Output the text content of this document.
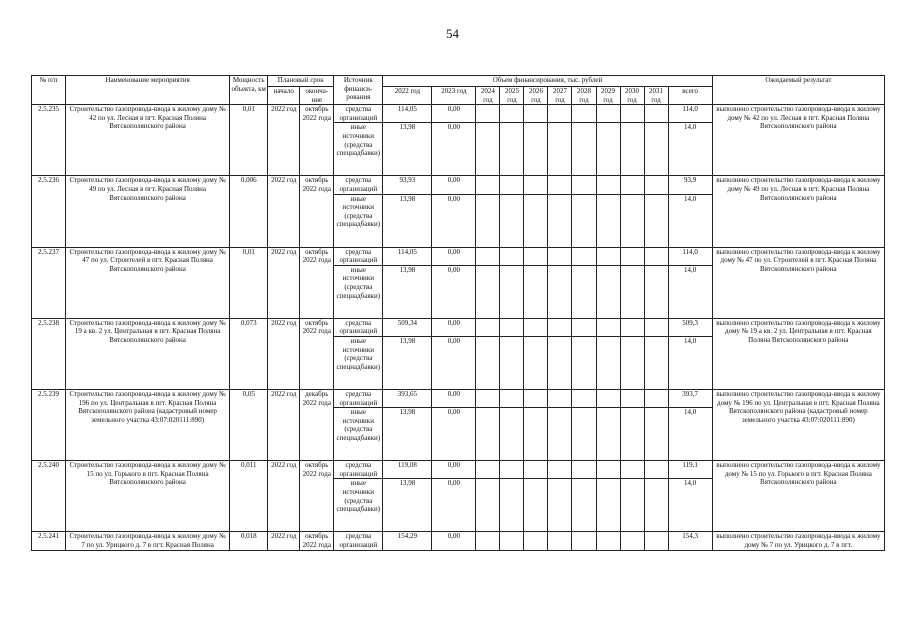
54
№ п/п	Наименование мероприятия	Мощность объекта, км	Плановый срок		Источник финанси-рования	Объем финансирования, тыс. рублей											Ожидаемый результат
			начало	оконча-ние		2022 год	2023 год	2024 год	2025 год	2026 год	2027 год	2028 год	2029 год	2030 год	2031 год	всего	
2.5.235	Строительство газопровода-ввода к жилому дому № 42 по ул. Лесная в пгт. Красная Поляна Вятскополянского района	0,01	2022 год	октябрь 2022 года	средства организаций	114,05	0,00									114,0	выполнено строительство газопровода-ввода к жилому дому № 42 по ул. Лесная в пгт. Красная Поляна Вятскополянского района
					иные источники (средства спецнадбавки)	13,98	0,00									14,0	
2.5.236	Строительство газопровода-ввода к жилому дому № 49 по ул. Лесная в пгт. Красная Поляна Вятскополянского района	0,006	2022 год	октябрь 2022 года	средства организаций	93,93	0,00									93,9	выполнено строительство газопровода-ввода к жилому дому № 49 по ул. Лесная в пгт. Красная Поляна Вятскополянского района
					иные источники (средства спецнадбавки)	13,98	0,00									14,0	
2.5.237	Строительство газопровода-ввода к жилому дому № 47 по ул. Строителей в пгт. Красная Поляна Вятскополянского района	0,01	2022 год	октябрь 2022 года	средства организаций	114,05	0,00									114,0	выполнено строительство газопровода-ввода к жилому дому № 47 по ул. Строителей в пгт. Красная Поляна Вятскополянского района
					иные источники (средства спецнадбавки)	13,98	0,00									14,0	
2.5.238	Строительство газопровода-ввода к жилому дому № 19 а кв. 2 ул. Центральная в пгт. Красная Поляна Вятскополянского района	0,073	2022 год	октябрь 2022 года	средства организаций	509,34	0,00									509,3	выполнено строительство газопровода-ввода к жилому дому № 19 а кв. 2 ул. Центральная в пгт. Красная Поляна Вятскополянского района
					иные источники (средства спецнадбавки)	13,98	0,00									14,0	
2.5.239	Строительство газопровода-ввода к жилому дому № 196 по ул. Центральная в пгт. Красная Поляна Вятскополянского района (кадастровый номер земельного участка 43:07:020111:890)	0,05	2022 год	декабрь 2022 года	средства организаций	393,65	0,00									393,7	выполнено строительство газопровода-ввода к жилому дому № 196 по ул. Центральная в пгт. Красная Поляна Вятскополянского района (кадастровый номер земельного участка 43:07:020111:890)
					иные источники (средства спецнадбавки)	13,98	0,00									14,0	
2.5.240	Строительство газопровода-ввода к жилому дому № 15 по ул. Горького в пгт. Красная Поляна Вятскополянского района	0,011	2022 год	октябрь 2022 года	средства организаций	119,08	0,00									119,1	выполнено строительство газопровода-ввода к жилому дому № 15 по ул. Горького в пгт. Красная Поляна Вятскополянского района
					иные источники (средства спецнадбавки)	13,98	0,00									14,0	
2.5.241	Строительство газопровода-ввода к жилому дому № 7 по ул. Урицкого д. 7 в пгт. Красная Поляна	0,018	2022 год	октябрь 2022 года	средства организаций	154,29	0,00									154,3	выполнено строительство газопровода-ввода к жилому дому № 7 по ул. Урицкого д. 7 в пгт.
